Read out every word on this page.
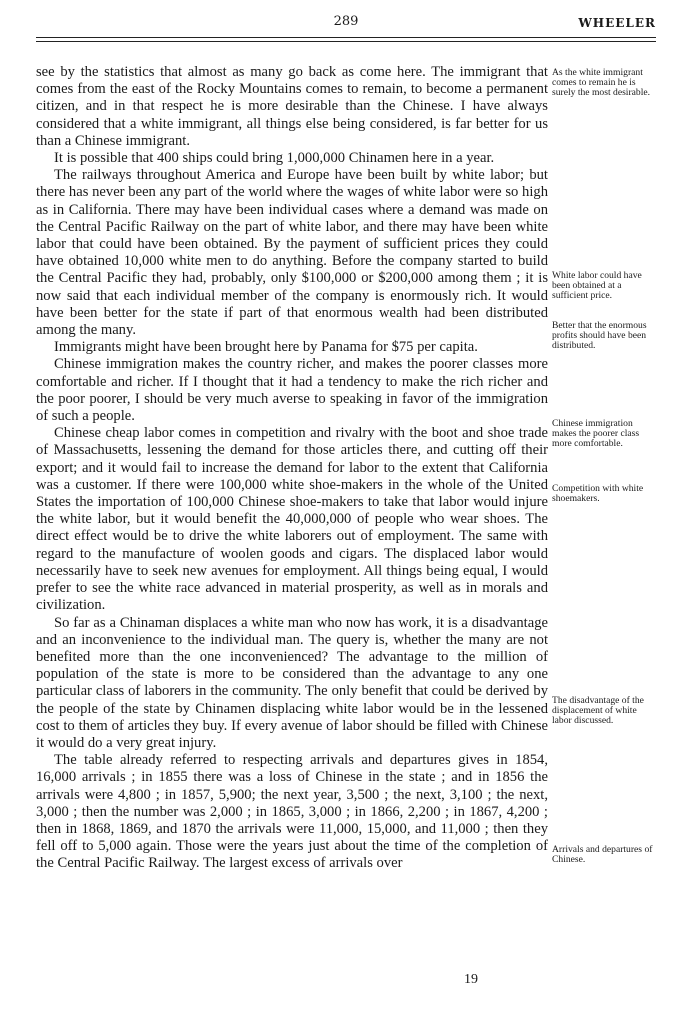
289	WHEELER

see by the statistics that almost as many go back as come here. The immigrant that comes from the east of the Rocky Mountains comes to remain, to become a permanent citizen, and in that respect he is more desirable than the Chinese. I have always considered that a white immigrant, all things else being considered, is far better for us than a Chinese immigrant.

It is possible that 400 ships could bring 1,000,000 Chinamen here in a year.

The railways throughout America and Europe have been built by white labor; but there has never been any part of the world where the wages of white labor were so high as in California. There may have been individual cases where a demand was made on the Central Pacific Railway on the part of white labor, and there may have been white labor that could have been obtained. By the payment of sufficient prices they could have obtained 10,000 white men to do anything. Before the company started to build the Central Pacific they had, probably, only $100,000 or $200,000 among them ; it is now said that each individual member of the company is enormously rich. It would have been better for the state if part of that enormous wealth had been distributed among the many.

Immigrants might have been brought here by Panama for $75 per capita.

Chinese immigration makes the country richer, and makes the poorer classes more comfortable and richer. If I thought that it had a tendency to make the rich richer and the poor poorer, I should be very much averse to speaking in favor of the immigration of such a people.

Chinese cheap labor comes in competition and rivalry with the boot and shoe trade of Massachusetts, lessening the demand for those articles there, and cutting off their export; and it would fail to increase the demand for labor to the extent that California was a customer. If there were 100,000 white shoe-makers in the whole of the United States the importation of 100,000 Chinese shoe-makers to take that labor would injure the white labor, but it would benefit the 40,000,000 of people who wear shoes. The direct effect would be to drive the white laborers out of employment. The same with regard to the manufacture of woolen goods and cigars. The displaced labor would necessarily have to seek new avenues for employment. All things being equal, I would prefer to see the white race advanced in material prosperity, as well as in morals and civilization.

So far as a Chinaman displaces a white man who now has work, it is a disadvantage and an inconvenience to the individual man. The query is, whether the many are not benefited more than the one inconvenienced? The advantage to the million of population of the state is more to be considered than the advantage to any one particular class of laborers in the community. The only benefit that could be derived by the people of the state by Chinamen displacing white labor would be in the lessened cost to them of articles they buy. If every avenue of labor should be filled with Chinese it would do a very great injury.

The table already referred to respecting arrivals and departures gives in 1854, 16,000 arrivals ; in 1855 there was a loss of Chinese in the state ; and in 1856 the arrivals were 4,800 ; in 1857, 5,900; the next year, 3,500 ; the next, 3,100 ; the next, 3,000 ; then the number was 2,000 ; in 1865, 3,000 ; in 1866, 2,200 ; in 1867, 4,200 ; then in 1868, 1869, and 1870 the arrivals were 11,000, 15,000, and 11,000 ; then they fell off to 5,000 again. Those were the years just about the time of the completion of the Central Pacific Railway. The largest excess of arrivals over

As the white immigrant comes to remain he is surely the most desirable.
White labor could have been obtained at a sufficient price.
Better that the enormous profits should have been distributed.
Chinese immigration makes the poorer class more comfortable.
Competition with white shoemakers.
The disadvantage of the displacement of white labor discussed.
Arrivals and departures of Chinese.
19
